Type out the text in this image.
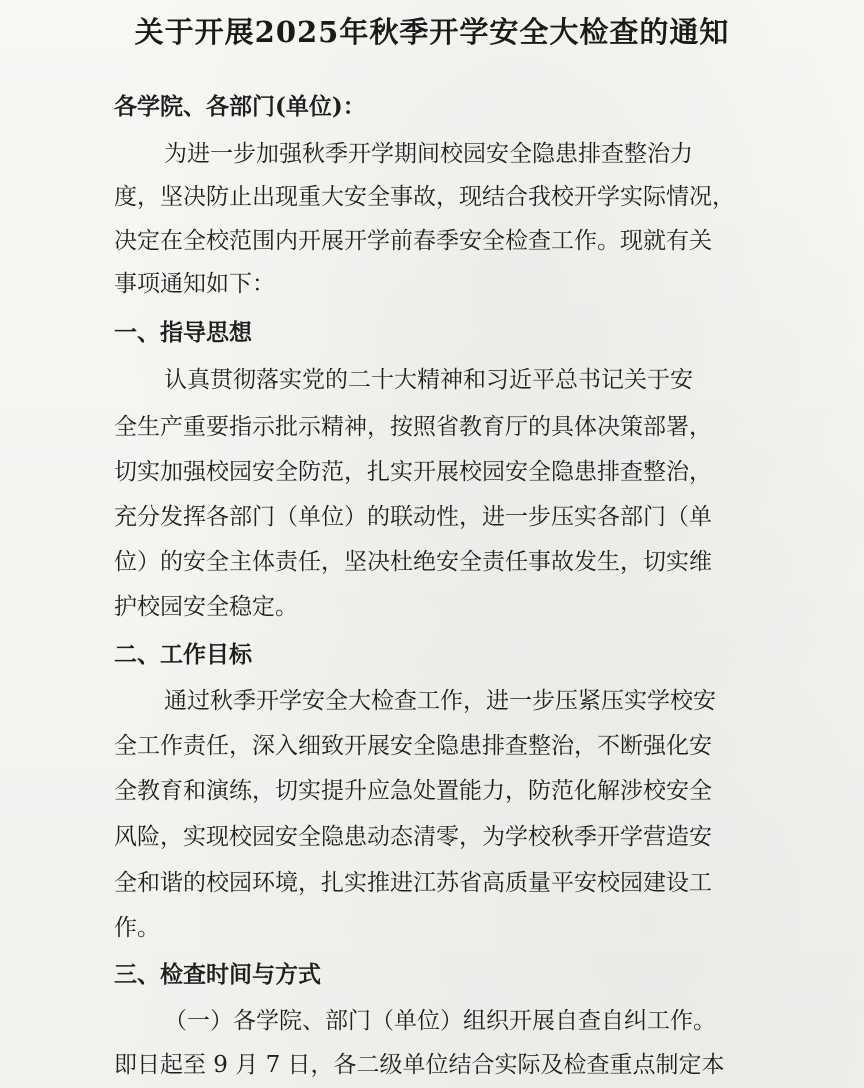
关于开展2025年秋季开学安全大检查的通知
各学院、各部门(单位)：
为进一步加强秋季开学期间校园安全隐患排查整治力
度，坚决防止出现重大安全事故，现结合我校开学实际情况，
决定在全校范围内开展开学前春季安全检查工作。现就有关
事项通知如下：
一、指导思想
认真贯彻落实党的二十大精神和习近平总书记关于安
全生产重要指示批示精神，按照省教育厅的具体决策部署，
切实加强校园安全防范，扎实开展校园安全隐患排查整治，
充分发挥各部门（单位）的联动性，进一步压实各部门（单
位）的安全主体责任，坚决杜绝安全责任事故发生，切实维
护校园安全稳定。
二、工作目标
通过秋季开学安全大检查工作，进一步压紧压实学校安
全工作责任，深入细致开展安全隐患排查整治，不断强化安
全教育和演练，切实提升应急处置能力，防范化解涉校安全
风险，实现校园安全隐患动态清零，为学校秋季开学营造安
全和谐的校园环境，扎实推进江苏省高质量平安校园建设工
作。
三、检查时间与方式
（一）各学院、部门（单位）组织开展自查自纠工作。
即日起至 9 月 7 日，各二级单位结合实际及检查重点制定本
